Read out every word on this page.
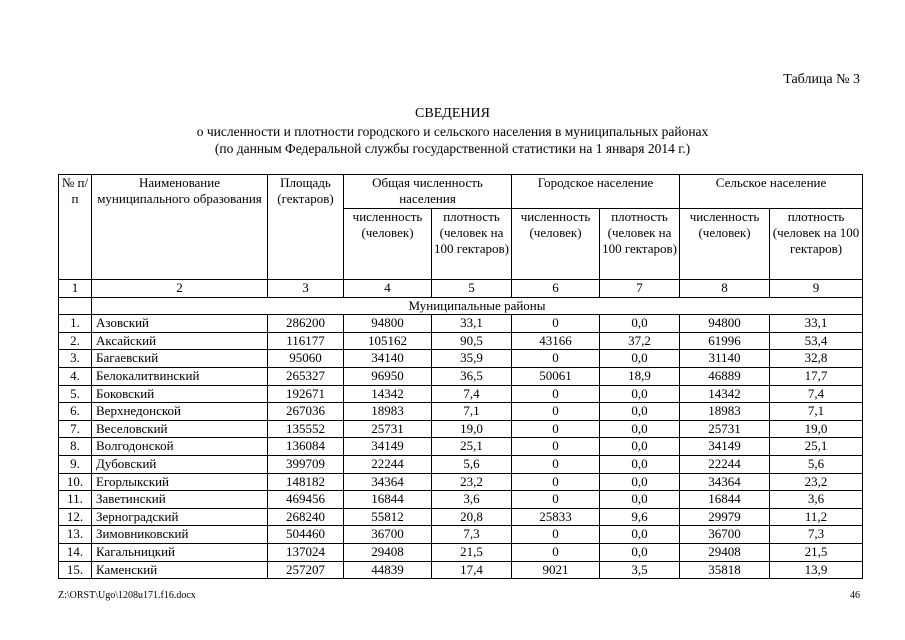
Таблица № 3
СВЕДЕНИЯ
о численности и плотности городского и сельского населения в муниципальных районах
(по данным Федеральной службы государственной статистики на 1 января 2014 г.)
№ п/п	Наименование муниципального образования	Площадь (гектаров)	Общая численность населения		Городское население		Сельское население	
			численность (человек)	плотность (человек на 100 гектаров)	численность (человек)	плотность (человек на 100 гектаров)	численность (человек)	плотность (человек на 100 гектаров)
1	2	3	4	5	6	7	8	9
	Муниципальные районы							
1.	Азовский	286200	94800	33,1	0	0,0	94800	33,1
2.	Аксайский	116177	105162	90,5	43166	37,2	61996	53,4
3.	Багаевский	95060	34140	35,9	0	0,0	31140	32,8
4.	Белокалитвинский	265327	96950	36,5	50061	18,9	46889	17,7
5.	Боковский	192671	14342	7,4	0	0,0	14342	7,4
6.	Верхнедонской	267036	18983	7,1	0	0,0	18983	7,1
7.	Веселовский	135552	25731	19,0	0	0,0	25731	19,0
8.	Волгодонской	136084	34149	25,1	0	0,0	34149	25,1
9.	Дубовский	399709	22244	5,6	0	0,0	22244	5,6
10.	Егорлыкский	148182	34364	23,2	0	0,0	34364	23,2
11.	Заветинский	469456	16844	3,6	0	0,0	16844	3,6
12.	Зерноградский	268240	55812	20,8	25833	9,6	29979	11,2
13.	Зимовниковский	504460	36700	7,3	0	0,0	36700	7,3
14.	Кагальницкий	137024	29408	21,5	0	0,0	29408	21,5
15.	Каменский	257207	44839	17,4	9021	3,5	35818	13,9
Z:\ORST\Ugo\1208u171.f16.docx	46
